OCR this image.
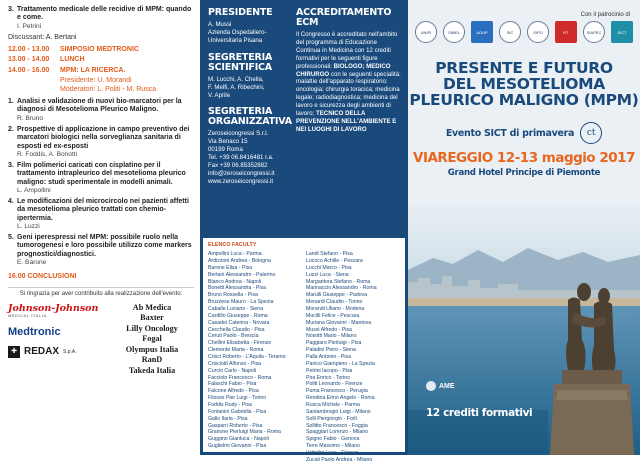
3. Trattamento medicale delle recidive di MPM: quando e come.
I. Petrini
Discussant: A. Bertani
12.00 - 13.00	SIMPOSIO MEDTRONIC
13.00 - 14.00	LUNCH
14.00 - 16.00	MPM: LA RICERCA.
Presidente: U. Morandi
Moderatori: L. Politi - M. Rusca
1. Analisi e validazione di nuovi bio-marcatori per la diagnosi di Mesotelioma Pleurico Maligno.
R. Bruno
2. Prospettive di applicazione in campo preventivo dei marcatori biologici nella sorveglianza sanitaria di esposti ed ex-esposti
R. Foddis, A. Bonotti
3. Film polimerici caricati con cisplatino per il trattamento intrapleurico del mesotelioma pleurico maligno: studi sperimentale in modelli animali.
L. Ampollini
4. Le modificazioni del microcircolo nei pazienti affetti da mesotelioma pleurico trattati con chemio-ipertermia.
L. Luzzi
5. Geni iperespressi nel MPM: possibile ruolo nella tumorogenesi e loro possibile utilizzo come markers prognostici/diagnostici.
E. Barone
16.00 CONCLUSIONI
Si ringrazia per aver contribuito alla realizzazione dell'evento:
Johnson-Johnson
MEDICAL ITALIA
Medtronic
✚ REDAX S.p.A.
Ab Medica
Baxter
Lilly Oncology
Fogal
Olympus Italia
RanD
Takeda Italia
PRESIDENTE
A. Mussi
Azienda Ospedaliero-Universitaria Pisana
SEGRETERIA SCIENTIFICA
M. Lucchi, A. Chella,
F. Melfi, A. Ribechini,
V. Aprile
SEGRETERIA ORGANIZZATIVA
Zeroseicongressi S.r.l.
Via Benaco 15
00199 Roma
Tel. +39 06.8416481 r.a.
Fax +39 06.85352882
info@zeroseicongressi.it
www.zeroseicongressi.it
ACCREDITAMENTO ECM
Il Congresso è accreditato nell'ambito del programma di Educazione Continua in Medicina con 12 crediti formativi per le seguenti figure professionali: BIOLOGO; MEDICO CHIRURGO con le seguenti specialità: malattie dell'apparato respiratorio; oncologia; chirurgia toracica; medicina legale; radiodiagnostica; medicina del lavoro e sicurezza degli ambienti di lavoro; TECNICO DELLA PREVENZIONE NELL'AMBIENTE E NEI LUOGHI DI LAVORO
ELENCO FACULTY
Ampollini Luca - Parma
Ardizzoni Andrea - Bologna
Barone Elisa - Pisa
Bertani Alessandro - Palermo
Bianco Andrea - Napoli
Bonetti Alessandra - Pisa
Bruno Rossella - Pisa
Bruzzese Mauro - La Spezia
Caballe Luciano - Siena
Cardillo Giuseppe - Roma
Casadei Caterina - Novara
Cecchella Claudio - Pisa
Ceruti Paolo - Brescia
Chellini Elisabetta - Firenze
Clemente Marta - Roma
Crisci Roberto - L'Aquila - Teramo
Crisciotti Alfonso - Pisa
Curcio Carlo - Napoli
Facciolo Francesco - Roma
Falaschi Fabio - Pisa
Falcone Alfredo - Pisa
Filosso Pier Luigi - Torino
Foddis Rudy - Pisa
Fontanini Gabriella - Pisa
Gallo Ilaria - Pisa
Gasparri Roberto - Pisa
Granone Pierluigi Maria - Roma
Guggino Gianluca - Napoli
Guglielmi Giovanni - Pisa
Landi Stefano - Pisa
Lococo Achille - Pescara
Lucchi Marco - Pisa
Luzzi Luca - Siena
Margaritora Stefano - Roma
Marinaccio Alessandro - Roma
Marulli Giuseppe - Padova
Menardi Claudio - Torino
Morandi Uliano - Modena
Mucilli Felice - Pescara
Muriana Giovanni - Mantova
Mussi Alfredo - Pisa
Nosotti Mario - Milano
Paggiaro Pierluigi - Pisa
Paladini Piero - Siena
Palla Antonio - Pisa
Panico Giampiero - La Spezia
Petrini Iacopo - Pisa
Pira Enrico - Torino
Politi Leonardo - Firenze
Puma Francesco - Perugia
Rendina Erino Angelo - Roma
Rusca Michele - Parma
Santambrogio Luigi - Milano
Solli Piergiorgio - Forlì
Sollitto Francesco - Foggia
Spaggiari Lorenzo - Milano
Spigno Fabio - Genova
Terre Massimo - Milano
Vattolini Luca - Firenze
Zucali Paolo Andrea - Milano
Con il patrocinio di
UNIPI	SIMEL	AOUP	SIC	SIPO	RT	SIAPEC	SICT
PRESENTE E FUTURO
DEL MESOTELIOMA
PLEURICO MALIGNO (MPM)
Evento SICT di primavera	ct
VIAREGGIO 12-13 maggio 2017
Grand Hotel Principe di Piemonte
AME
12 crediti formativi
